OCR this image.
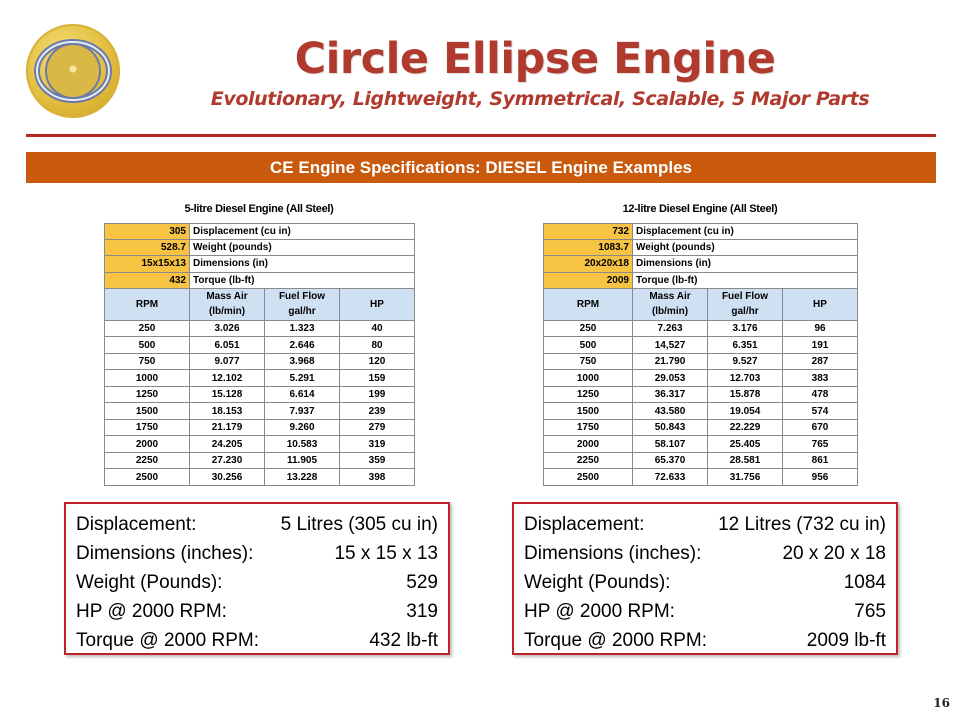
Circle Ellipse Engine
Evolutionary, Lightweight, Symmetrical, Scalable, 5 Major Parts
CE Engine Specifications: DIESEL Engine Examples
5-litre Diesel Engine (All Steel)
305	Displacement (cu in)		
528.7	Weight (pounds)		
15x15x13	Dimensions (in)		
432	Torque (lb-ft)		
RPM	Mass Air (lb/min)	Fuel Flow gal/hr	HP
250	3.026	1.323	40
500	6.051	2.646	80
750	9.077	3.968	120
1000	12.102	5.291	159
1250	15.128	6.614	199
1500	18.153	7.937	239
1750	21.179	9.260	279
2000	24.205	10.583	319
2250	27.230	11.905	359
2500	30.256	13.228	398
12-litre Diesel Engine (All Steel)
732	Displacement (cu in)		
1083.7	Weight (pounds)		
20x20x18	Dimensions (in)		
2009	Torque (lb-ft)		
RPM	Mass Air (lb/min)	Fuel Flow gal/hr	HP
250	7.263	3.176	96
500	14,527	6.351	191
750	21.790	9.527	287
1000	29.053	12.703	383
1250	36.317	15.878	478
1500	43.580	19.054	574
1750	50.843	22.229	670
2000	58.107	25.405	765
2250	65.370	28.581	861
2500	72.633	31.756	956
Displacement:	5 Litres (305 cu in)
Dimensions (inches):	15 x 15 x 13
Weight (Pounds):	529
HP @ 2000 RPM:	319
Torque @ 2000 RPM:	432 lb-ft
Displacement:	12 Litres (732 cu in)
Dimensions (inches):	20 x 20 x 18
Weight (Pounds):	1084
HP @ 2000 RPM:	765
Torque @ 2000 RPM:	2009 lb-ft
16
